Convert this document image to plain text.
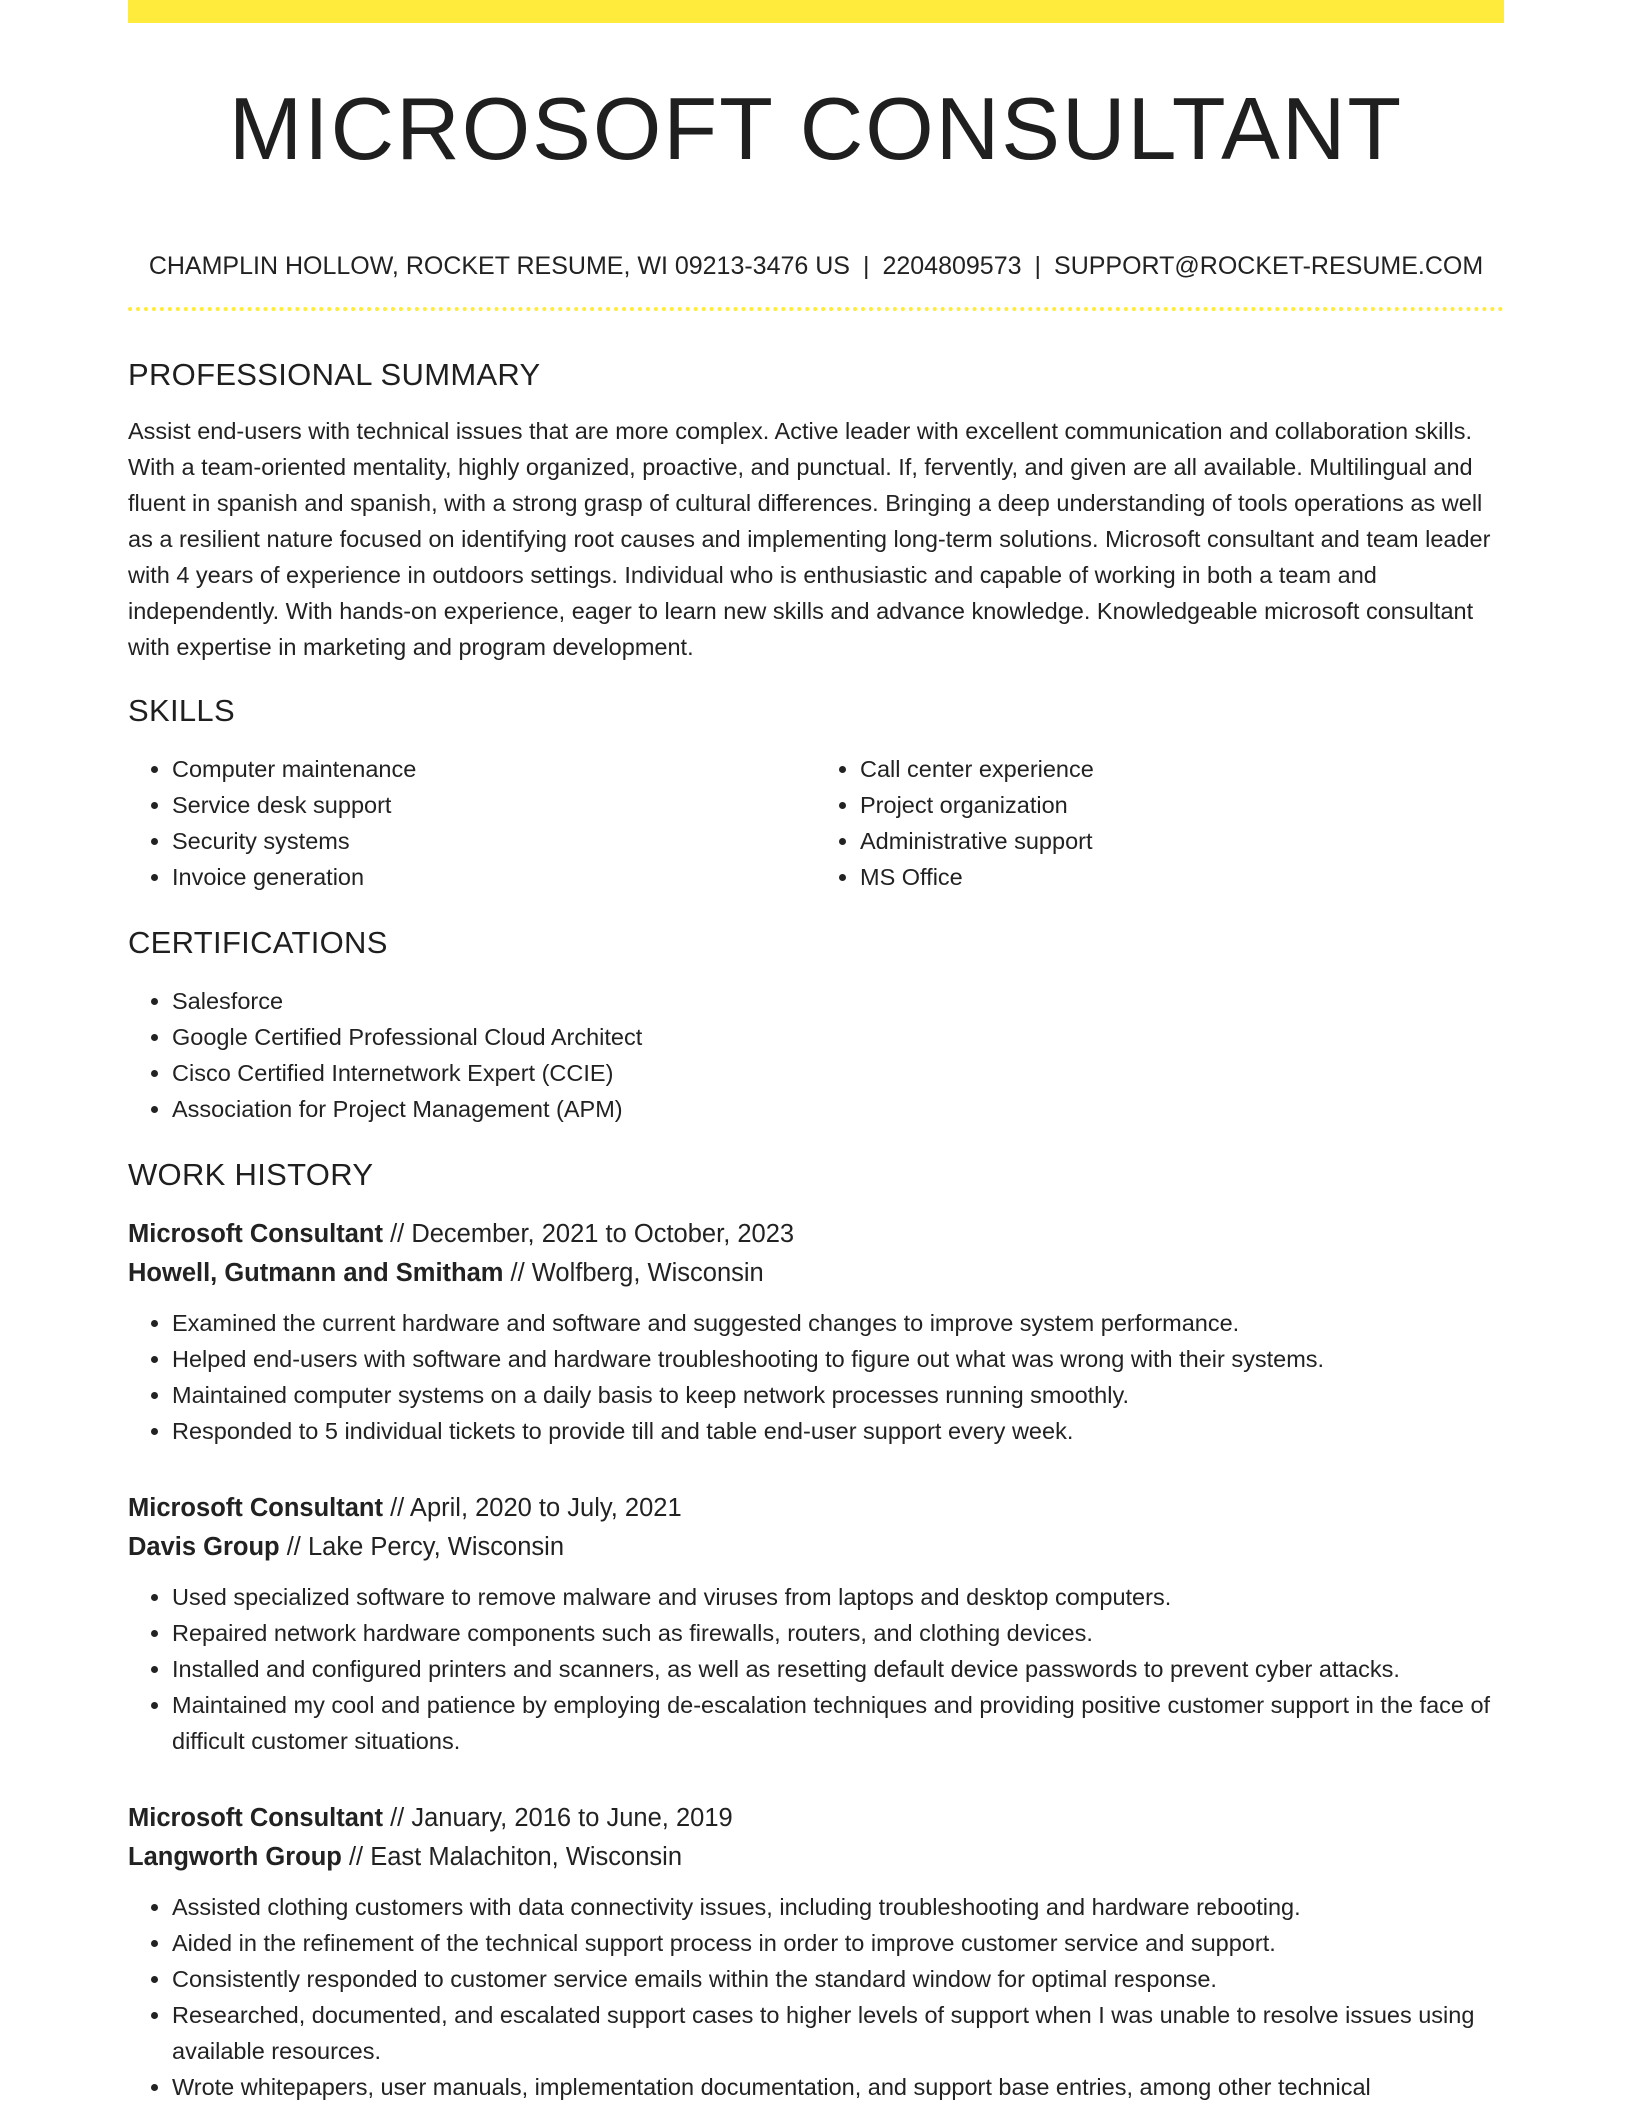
MICROSOFT CONSULTANT
CHAMPLIN HOLLOW, ROCKET RESUME, WI 09213-3476 US | 2204809573 | SUPPORT@ROCKET-RESUME.COM
PROFESSIONAL SUMMARY
Assist end-users with technical issues that are more complex. Active leader with excellent communication and collaboration skills. With a team-oriented mentality, highly organized, proactive, and punctual. If, fervently, and given are all available. Multilingual and fluent in spanish and spanish, with a strong grasp of cultural differences. Bringing a deep understanding of tools operations as well as a resilient nature focused on identifying root causes and implementing long-term solutions. Microsoft consultant and team leader with 4 years of experience in outdoors settings. Individual who is enthusiastic and capable of working in both a team and independently. With hands-on experience, eager to learn new skills and advance knowledge. Knowledgeable microsoft consultant with expertise in marketing and program development.
SKILLS
• Computer maintenance
• Service desk support
• Security systems
• Invoice generation
• Call center experience
• Project organization
• Administrative support
• MS Office
CERTIFICATIONS
• Salesforce
• Google Certified Professional Cloud Architect
• Cisco Certified Internetwork Expert (CCIE)
• Association for Project Management (APM)
WORK HISTORY
Microsoft Consultant // December, 2021 to October, 2023
Howell, Gutmann and Smitham // Wolfberg, Wisconsin
• Examined the current hardware and software and suggested changes to improve system performance.
• Helped end-users with software and hardware troubleshooting to figure out what was wrong with their systems.
• Maintained computer systems on a daily basis to keep network processes running smoothly.
• Responded to 5 individual tickets to provide till and table end-user support every week.
Microsoft Consultant // April, 2020 to July, 2021
Davis Group // Lake Percy, Wisconsin
• Used specialized software to remove malware and viruses from laptops and desktop computers.
• Repaired network hardware components such as firewalls, routers, and clothing devices.
• Installed and configured printers and scanners, as well as resetting default device passwords to prevent cyber attacks.
• Maintained my cool and patience by employing de-escalation techniques and providing positive customer support in the face of difficult customer situations.
Microsoft Consultant // January, 2016 to June, 2019
Langworth Group // East Malachiton, Wisconsin
• Assisted clothing customers with data connectivity issues, including troubleshooting and hardware rebooting.
• Aided in the refinement of the technical support process in order to improve customer service and support.
• Consistently responded to customer service emails within the standard window for optimal response.
• Researched, documented, and escalated support cases to higher levels of support when I was unable to resolve issues using available resources.
• Wrote whitepapers, user manuals, implementation documentation, and support base entries, among other technical
